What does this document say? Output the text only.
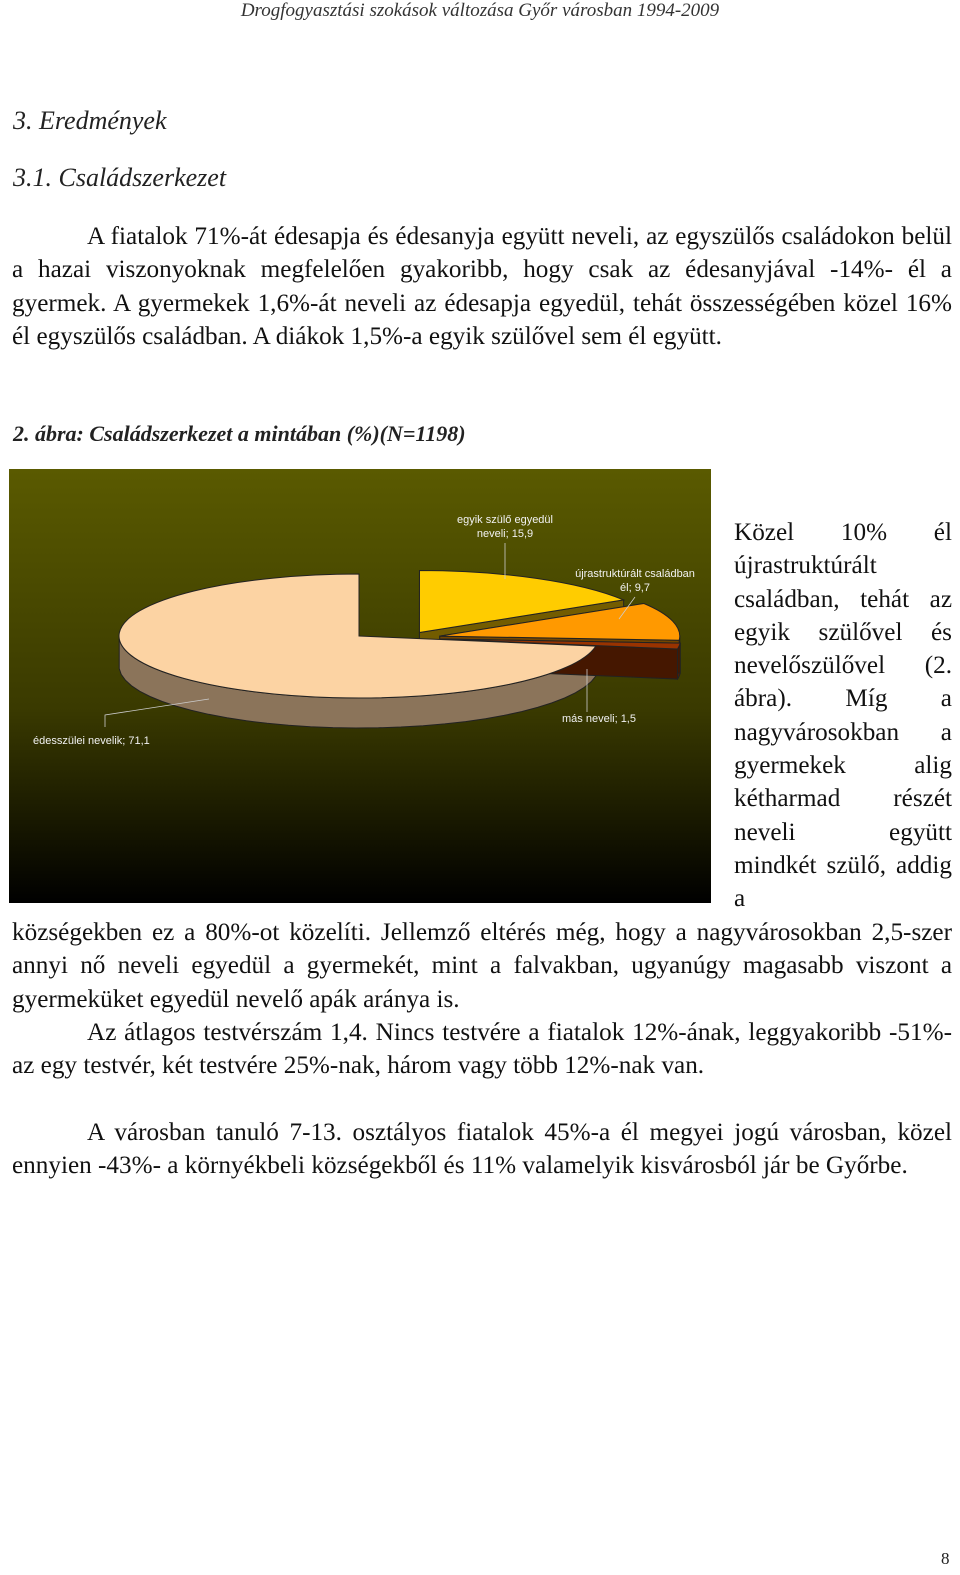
Drogfogyasztási szokások változása Győr városban 1994-2009
3. Eredmények
3.1. Családszerkezet

A fiatalok 71%-át édesapja és édesanyja együtt neveli, az egyszülős családokon belül a hazai viszonyoknak megfelelően gyakoribb, hogy csak az édesanyjával -14%- él a gyermek. A gyermekek 1,6%-át neveli az édesapja egyedül, tehát összességében közel 16% él egyszülős családban. A diákok 1,5%-a egyik szülővel sem él együtt.

2. ábra: Családszerkezet a mintában (%)(N=1198)
édesszülei nevelik; 71,1
egyik szülő egyedül
neveli; 15,9
újrastruktúrált családban
él; 9,7
más neveli; 1,5

Közel 10% él újrastruktúrált családban, tehát az egyik szülővel és nevelőszülővel (2. ábra). Míg a nagyvárosokban a gyermekek alig kétharmad részét neveli együtt mindkét szülő, addig a

községekben ez a 80%-ot közelíti. Jellemző eltérés még, hogy a nagyvárosokban 2,5-szer annyi nő neveli egyedül a gyermekét, mint a falvakban, ugyanúgy magasabb viszont a gyermeküket egyedül nevelő apák aránya is.

Az átlagos testvérszám 1,4. Nincs testvére a fiatalok 12%-ának, leggyakoribb -51%- az egy testvér, két testvére 25%-nak, három vagy több 12%-nak van.

A városban tanuló 7-13. osztályos fiatalok 45%-a él megyei jogú városban, közel ennyien -43%- a környékbeli községekből és 11% valamelyik kisvárosból jár be Győrbe.

8
